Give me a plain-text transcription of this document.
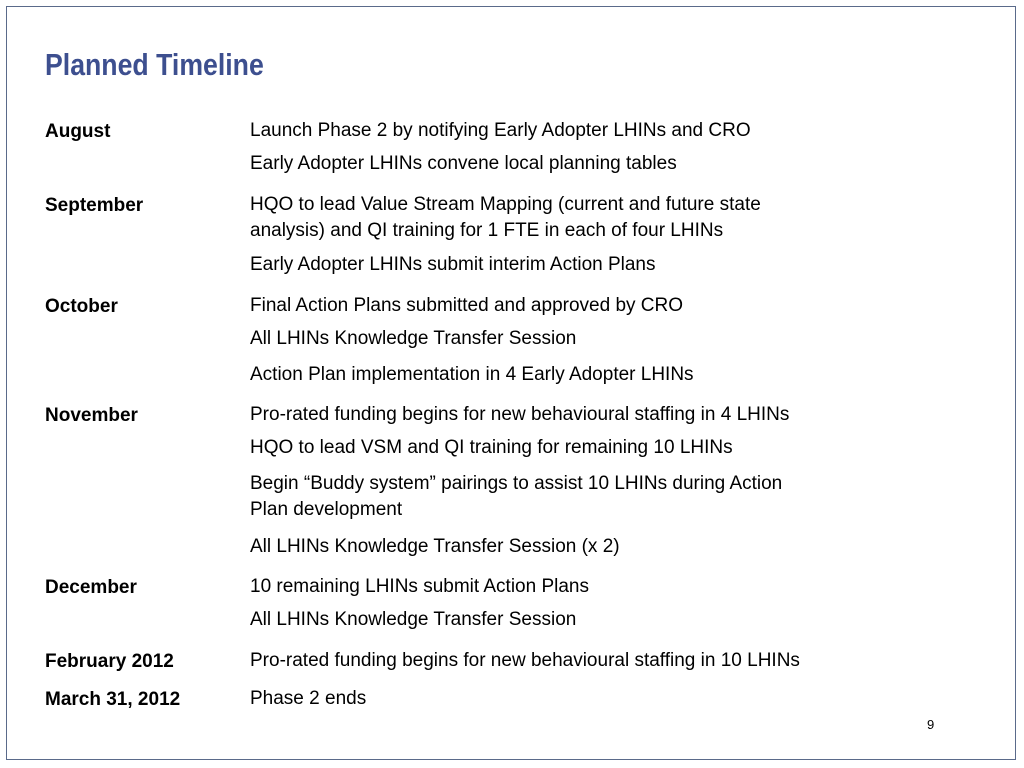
Planned Timeline
August	Launch Phase 2 by notifying Early Adopter LHINs and CRO
Early Adopter LHINs convene local planning tables
September	HQO to lead Value Stream Mapping (current and future state
analysis) and QI training for 1 FTE in each of four LHINs
Early Adopter LHINs submit interim Action Plans
October	Final Action Plans submitted and approved by CRO
All LHINs Knowledge Transfer Session
Action Plan implementation in 4 Early Adopter LHINs
November	Pro-rated funding begins for new behavioural staffing in 4 LHINs
HQO to lead VSM and QI training for remaining 10 LHINs
Begin “Buddy system” pairings to assist 10 LHINs during Action
Plan development
All LHINs Knowledge Transfer Session (x 2)
December	10 remaining LHINs submit Action Plans
All LHINs Knowledge Transfer Session
February 2012	Pro-rated funding begins for new behavioural staffing in 10 LHINs
March 31, 2012	Phase 2 ends
9
